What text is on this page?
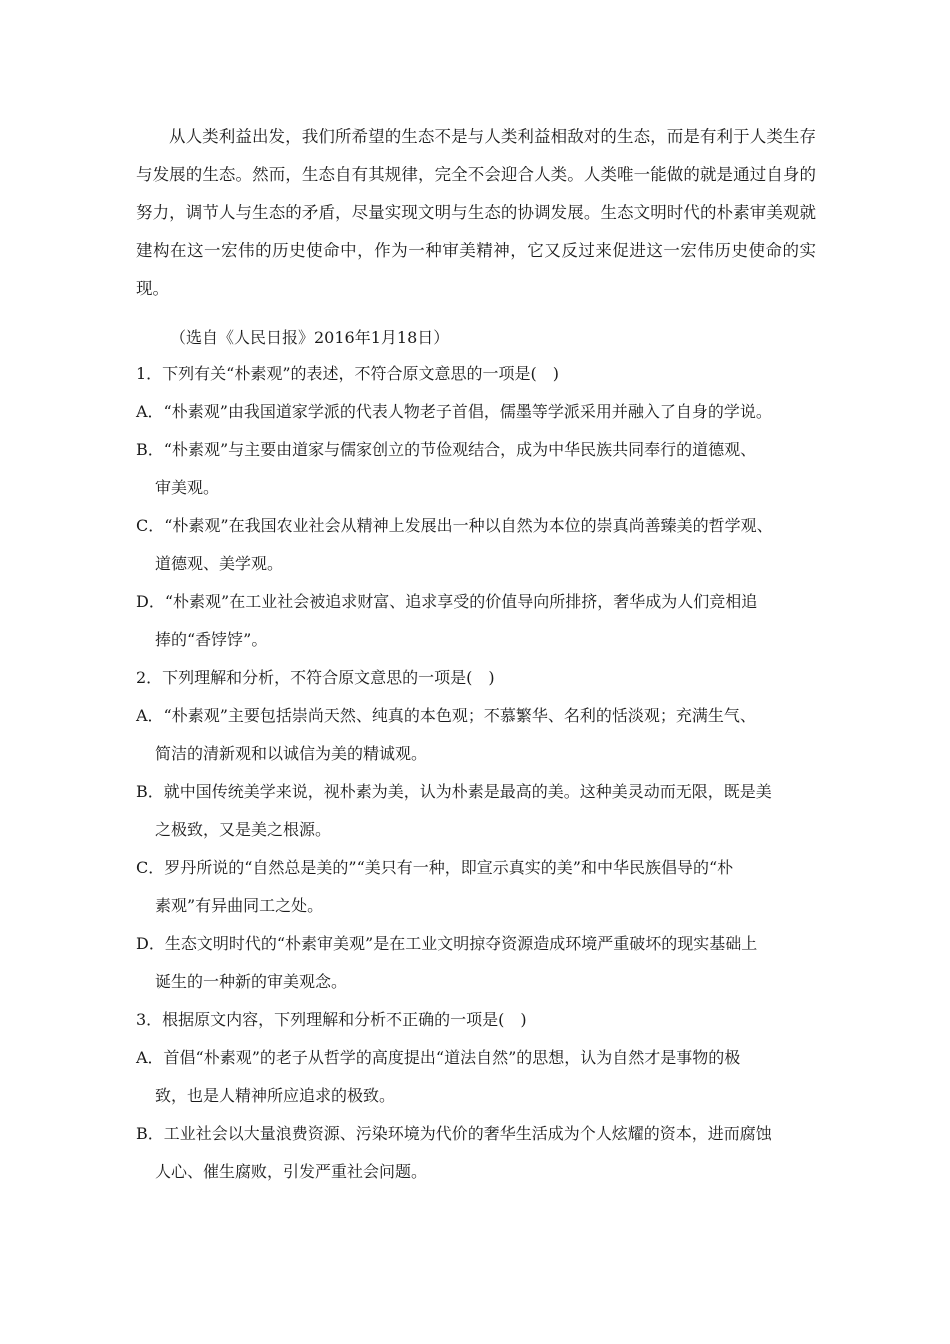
从人类利益出发，我们所希望的生态不是与人类利益相敌对的生态，而是有利于人类生存与发展的生态。然而，生态自有其规律，完全不会迎合人类。人类唯一能做的就是通过自身的努力，调节人与生态的矛盾，尽量实现文明与生态的协调发展。生态文明时代的朴素审美观就建构在这一宏伟的历史使命中，作为一种审美精神，它又反过来促进这一宏伟历史使命的实现。
（选自《人民日报》2016年1月18日）
1．下列有关“朴素观”的表述，不符合原文意思的一项是(　)
A．“朴素观”由我国道家学派的代表人物老子首倡，儒墨等学派采用并融入了自身的学说。
B．“朴素观”与主要由道家与儒家创立的节俭观结合，成为中华民族共同奉行的道德观、
审美观。
C．“朴素观”在我国农业社会从精神上发展出一种以自然为本位的崇真尚善臻美的哲学观、
道德观、美学观。
D．“朴素观”在工业社会被追求财富、追求享受的价值导向所排挤，奢华成为人们竞相追
捧的“香饽饽”。
2．下列理解和分析，不符合原文意思的一项是(　)
A．“朴素观”主要包括崇尚天然、纯真的本色观；不慕繁华、名利的恬淡观；充满生气、
简洁的清新观和以诚信为美的精诚观。
B．就中国传统美学来说，视朴素为美，认为朴素是最高的美。这种美灵动而无限，既是美
之极致，又是美之根源。
C．罗丹所说的“自然总是美的”“美只有一种，即宣示真实的美”和中华民族倡导的“朴
素观”有异曲同工之处。
D．生态文明时代的“朴素审美观”是在工业文明掠夺资源造成环境严重破坏的现实基础上
诞生的一种新的审美观念。
3．根据原文内容，下列理解和分析不正确的一项是(　)
A．首倡“朴素观”的老子从哲学的高度提出“道法自然”的思想，认为自然才是事物的极
致，也是人精神所应追求的极致。
B．工业社会以大量浪费资源、污染环境为代价的奢华生活成为个人炫耀的资本，进而腐蚀
人心、催生腐败，引发严重社会问题。
